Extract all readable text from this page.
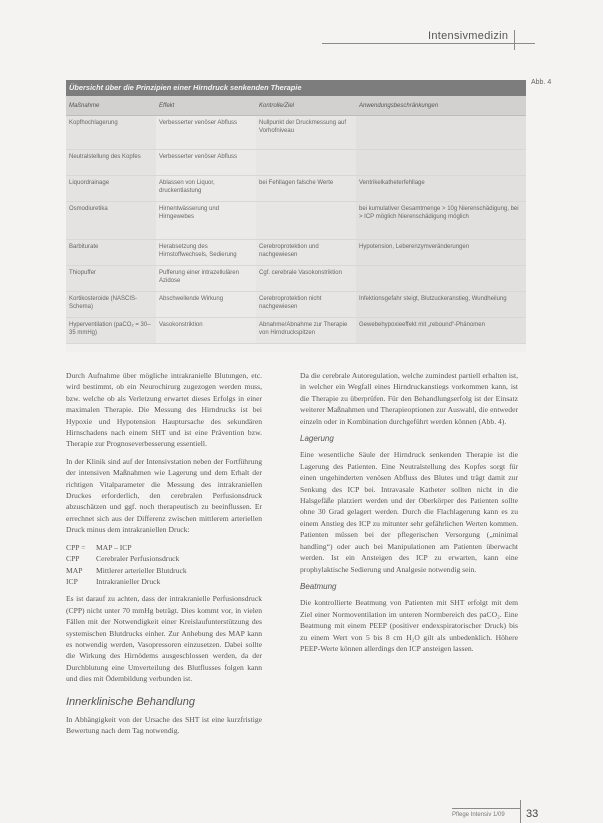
Intensivmedizin
Abb. 4
Übersicht über die Prinzipien einer Hirndruck senkenden Therapie
Maßnahme	Effekt	Kontrolle/Ziel	Anwendungsbeschränkungen
Kopfhochlagerung	Verbesserter venöser Abfluss	Nullpunkt der Druckmessung auf Vorhofniveau	
Neutralstellung des Kopfes	Verbesserter venöser Abfluss		
Liquordrainage	Ablassen von Liquor, druckentlastung	bei Fehllagen falsche Werte	Ventrikelkatheterfehllage
Osmodiuretika	Hirnentwässerung und Hirngewebes		bei kumulativer Gesamtmenge > 10g Nierenschädigung, bei > ICP möglich Nierenschädigung möglich
Barbiturate	Herabsetzung des Hirnstoffwechsels, Sedierung	Cerebroprotektion und nachgewiesen	Hypotension, Leberenzymveränderungen
Thiopuffer	Pufferung einer intrazellulären Azidose	Cgf. cerebrale Vasokonstriktion	
Kortikosteroide (NASCIS-Schema)	Abschwellende Wirkung	Cerebroprotektion nicht nachgewiesen	Infektionsgefahr steigt, Blutzuckeranstieg, Wundheilung
Hyperventilation (paCO₂ = 30–35 mmHg)	Vasokonstriktion	Abnahme/Abnahme zur Therapie von Hirndruckspitzen	Gewebehypoxieeffekt mit „rebound“-Phänomen

Durch Aufnahme über mögliche intrakranielle Blutungen, etc. wird bestimmt, ob ein Neurochirurg zugezogen werden muss, bzw. welche ob als Verletzung erwartet dieses Erfolgs in einer maximalen Therapie. Die Messung des Hirndrucks ist bei Hypoxie und Hypotension Hauptursache des sekundären Hirnschadens nach einem SHT und ist eine Prävention bzw. Therapie zur Prognoseverbesserung essentiell.

In der Klinik sind auf der Intensivstation neben der Fortführung der intensiven Maßnahmen wie Lagerung und dem Erhalt der richtigen Vitalparameter die Messung des intrakraniellen Druckes erforderlich, den cerebralen Perfusionsdruck abzuschätzen und ggf. noch therapeutisch zu beeinflussen. Er errechnet sich aus der Differenz zwischen mittlerem arteriellen Druck minus dem intrakraniellen Druck:

CPP =	MAP – ICP
CPP	Cerebraler Perfusionsdruck
MAP	Mittlerer arterieller Blutdruck
ICP	Intrakranieller Druck

Es ist darauf zu achten, dass der intrakranielle Perfusionsdruck (CPP) nicht unter 70 mmHg beträgt. Dies kommt vor, in vielen Fällen mit der Notwendigkeit einer Kreislaufunterstützung des systemischen Blutdrucks einher. Zur Anhebung des MAP kann es notwendig werden, Vasopressoren einzusetzen. Dabei sollte die Wirkung des Hirnödems ausgeschlossen werden, da der Durchblutung eine Umverteilung des Blutflusses folgen kann und dies mit Ödembildung verbunden ist.

Innerklinische Behandlung

In Abhängigkeit von der Ursache des SHT ist eine kurzfristige Bewertung nach dem Tag notwendig.

Da die cerebrale Autoregulation, welche zumindest partiell erhalten ist, in welcher ein Wegfall eines Hirndruckanstiegs vorkommen kann, ist die Therapie zu überprüfen. Für den Behandlungserfolg ist der Einsatz weiterer Maßnahmen und Therapieoptionen zur Auswahl, die entweder einzeln oder in Kombination durchgeführt werden können (Abb. 4).

Lagerung

Eine wesentliche Säule der Hirndruck senkenden Therapie ist die Lagerung des Patienten. Eine Neutralstellung des Kopfes sorgt für einen ungehinderten venösen Abfluss des Blutes und trägt damit zur Senkung des ICP bei. Intravasale Katheter sollten nicht in die Halsgefäße platziert werden und der Oberkörper des Patienten sollte ohne 30 Grad gelagert werden. Durch die Flachlagerung kann es zu einem Anstieg des ICP zu mitunter sehr gefährlichen Werten kommen. Patienten müssen bei der pflegerischen Versorgung („minimal handling“) oder auch bei Manipulationen am Patienten überwacht werden. Ist ein Ansteigen des ICP zu erwarten, kann eine prophylaktische Sedierung und Analgesie notwendig sein.

Beatmung

Die kontrollierte Beatmung von Patienten mit SHT erfolgt mit dem Ziel einer Normoventilation im unteren Normbereich des paCO₂. Eine Beatmung mit einem PEEP (positiver endexspiratorischer Druck) bis zu einem Wert von 5 bis 8 cm H₂O gilt als unbedenklich. Höhere PEEP-Werte können allerdings den ICP ansteigen lassen.

Pflege Intensiv 1/09 33
